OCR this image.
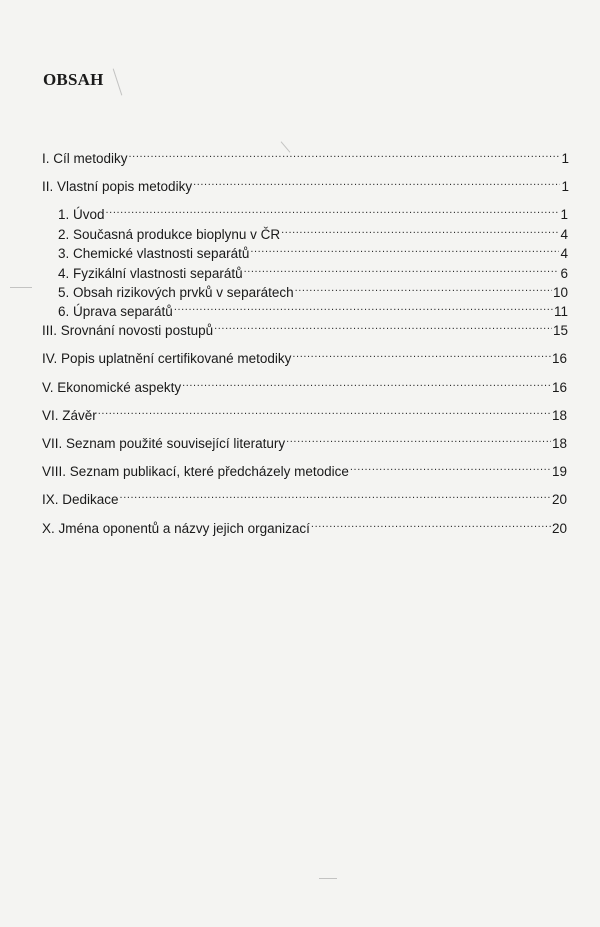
OBSAH
I. Cíl metodiky .....	1
II. Vlastní popis metodiky .....	1
1. Úvod .....	1
2. Současná produkce bioplynu v ČR .....	4
3. Chemické vlastnosti separátů .....	4
4. Fyzikální vlastnosti separátů .....	6
5. Obsah rizikových prvků v separátech .....	10
6. Úprava separátů .....	11
III. Srovnání novosti postupů .....	15
IV. Popis uplatnění certifikované metodiky .....	16
V. Ekonomické aspekty .....	16
VI. Závěr .....	18
VII. Seznam použité související literatury .....	18
VIII. Seznam publikací, které předcházely metodice .....	19
IX. Dedikace .....	20
X. Jména oponentů a názvy jejich organizací .....	20
